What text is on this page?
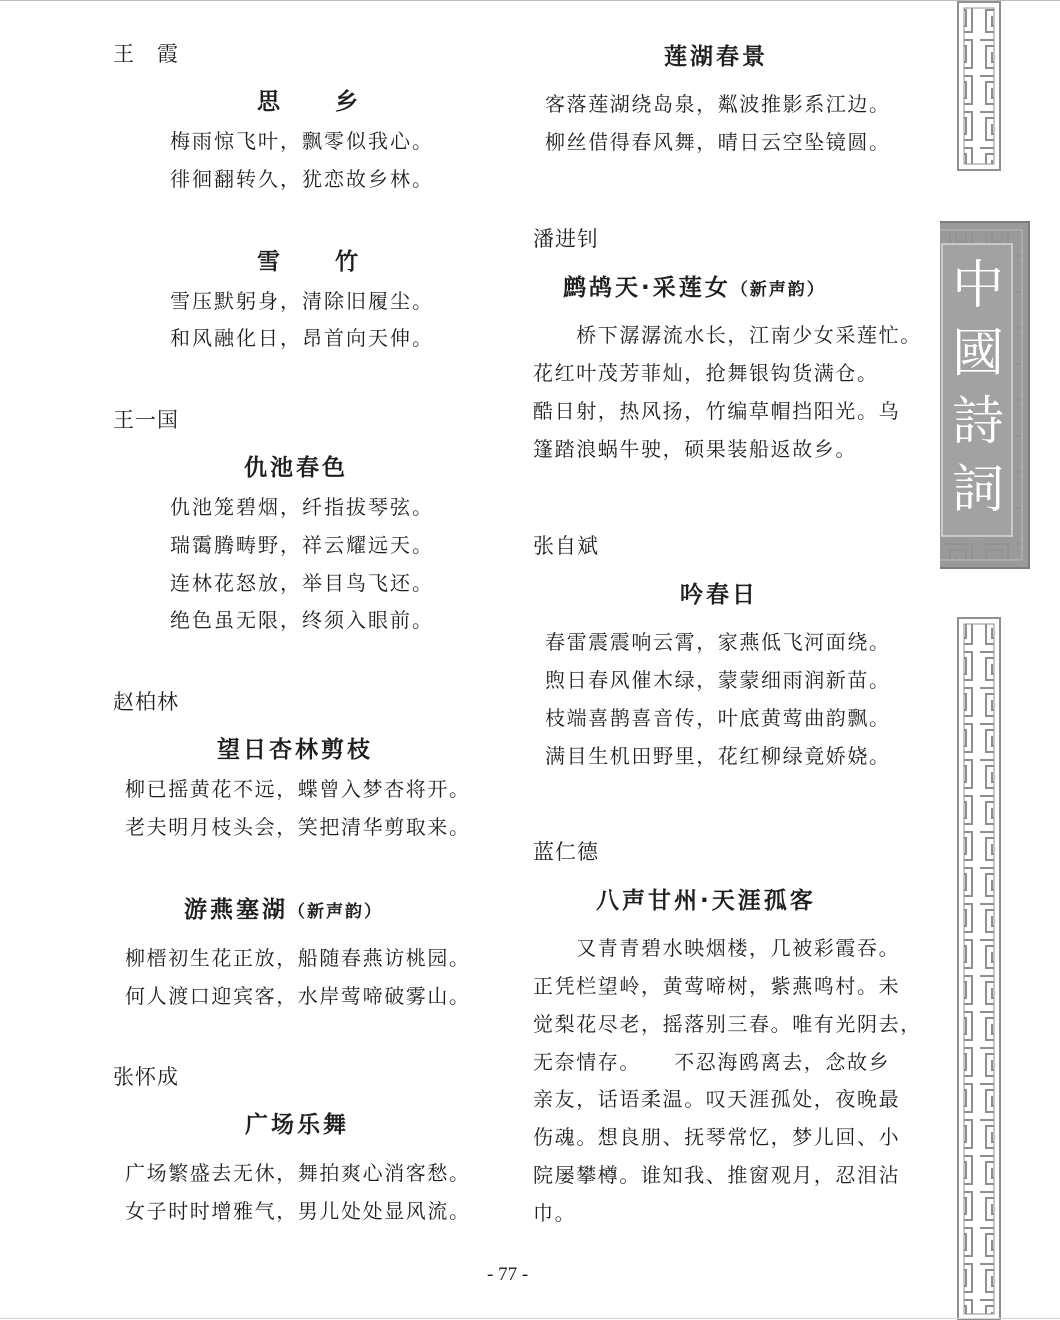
王　霞
思　　乡
梅雨惊飞叶，飘零似我心。
徘徊翻转久，犹恋故乡林。
雪　　竹
雪压默躬身，清除旧履尘。
和风融化日，昂首向天伸。
王一国
仇池春色
仇池笼碧烟，纤指拔琴弦。
瑞霭腾畴野，祥云耀远天。
连林花怒放，举目鸟飞还。
绝色虽无限，终须入眼前。
赵柏林
望日杏林剪枝
柳已摇黄花不远，蝶曾入梦杏将开。
老夫明月枝头会，笑把清华剪取来。
游燕塞湖（新声韵）
柳榗初生花正放，船随春燕访桃园。
何人渡口迎宾客，水岸莺啼破雾山。
张怀成
广场乐舞
广场繁盛去无休，舞拍爽心消客愁。
女子时时增雅气，男儿处处显风流。
莲湖春景
客落莲湖绕岛泉，粼波推影系江边。
柳丝借得春风舞，晴日云空坠镜圆。
潘进钊
鹧鸪天·采莲女（新声韵）
　　桥下潺潺流水长，江南少女采莲忙。
花红叶茂芳菲灿，抢舞银钩货满仓。
酷日射，热风扬，竹编草帽挡阳光。乌
篷踏浪蜗牛驶，硕果装船返故乡。
张自斌
吟春日
春雷震震响云霄，家燕低飞河面绕。
煦日春风催木绿，蒙蒙细雨润新苗。
枝端喜鹊喜音传，叶底黄莺曲韵飘。
满目生机田野里，花红柳绿竟娇娆。
蓝仁德
八声甘州·天涯孤客
　　又青青碧水映烟楼，几被彩霞吞。
正凭栏望岭，黄莺啼树，紫燕鸣村。未
觉梨花尽老，摇落别三春。唯有光阴去，
无奈情存。　　不忍海鸥离去，念故乡
亲友，话语柔温。叹天涯孤处，夜晚最
伤魂。想良朋、抚琴常忆，梦儿回、小
院屡攀樽。谁知我、推窗观月，忍泪沾
巾。
- 77 -
中國詩詞
